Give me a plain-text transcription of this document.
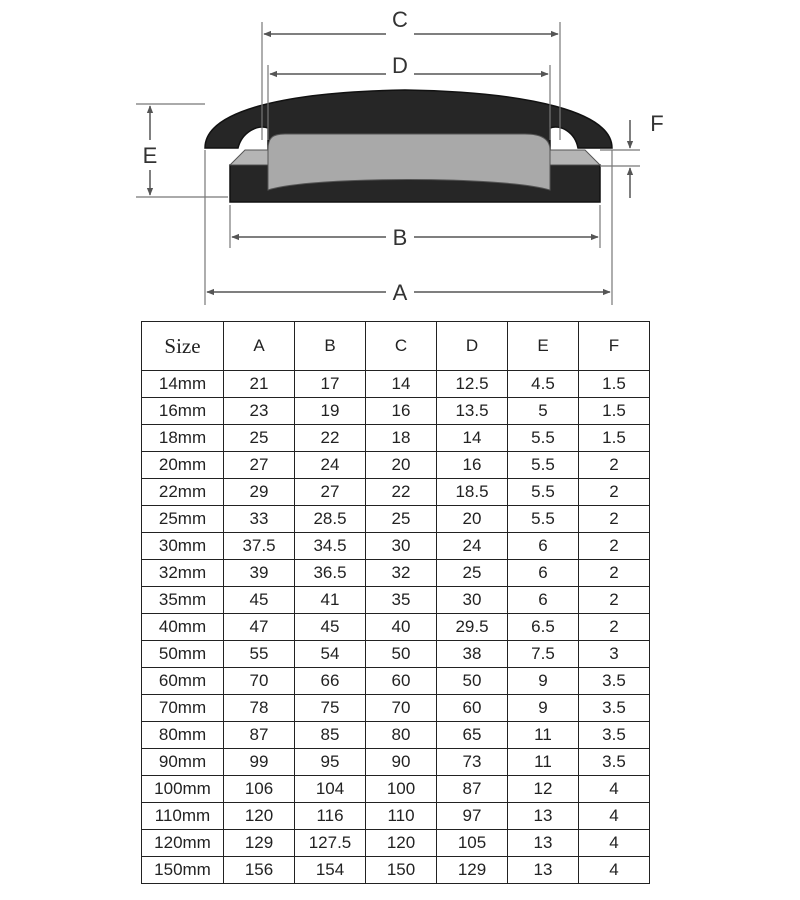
C
D
B
A
E
F
Size	A	B	C	D	E	F
14mm	21	17	14	12.5	4.5	1.5
16mm	23	19	16	13.5	5	1.5
18mm	25	22	18	14	5.5	1.5
20mm	27	24	20	16	5.5	2
22mm	29	27	22	18.5	5.5	2
25mm	33	28.5	25	20	5.5	2
30mm	37.5	34.5	30	24	6	2
32mm	39	36.5	32	25	6	2
35mm	45	41	35	30	6	2
40mm	47	45	40	29.5	6.5	2
50mm	55	54	50	38	7.5	3
60mm	70	66	60	50	9	3.5
70mm	78	75	70	60	9	3.5
80mm	87	85	80	65	11	3.5
90mm	99	95	90	73	11	3.5
100mm	106	104	100	87	12	4
110mm	120	116	110	97	13	4
120mm	129	127.5	120	105	13	4
150mm	156	154	150	129	13	4
